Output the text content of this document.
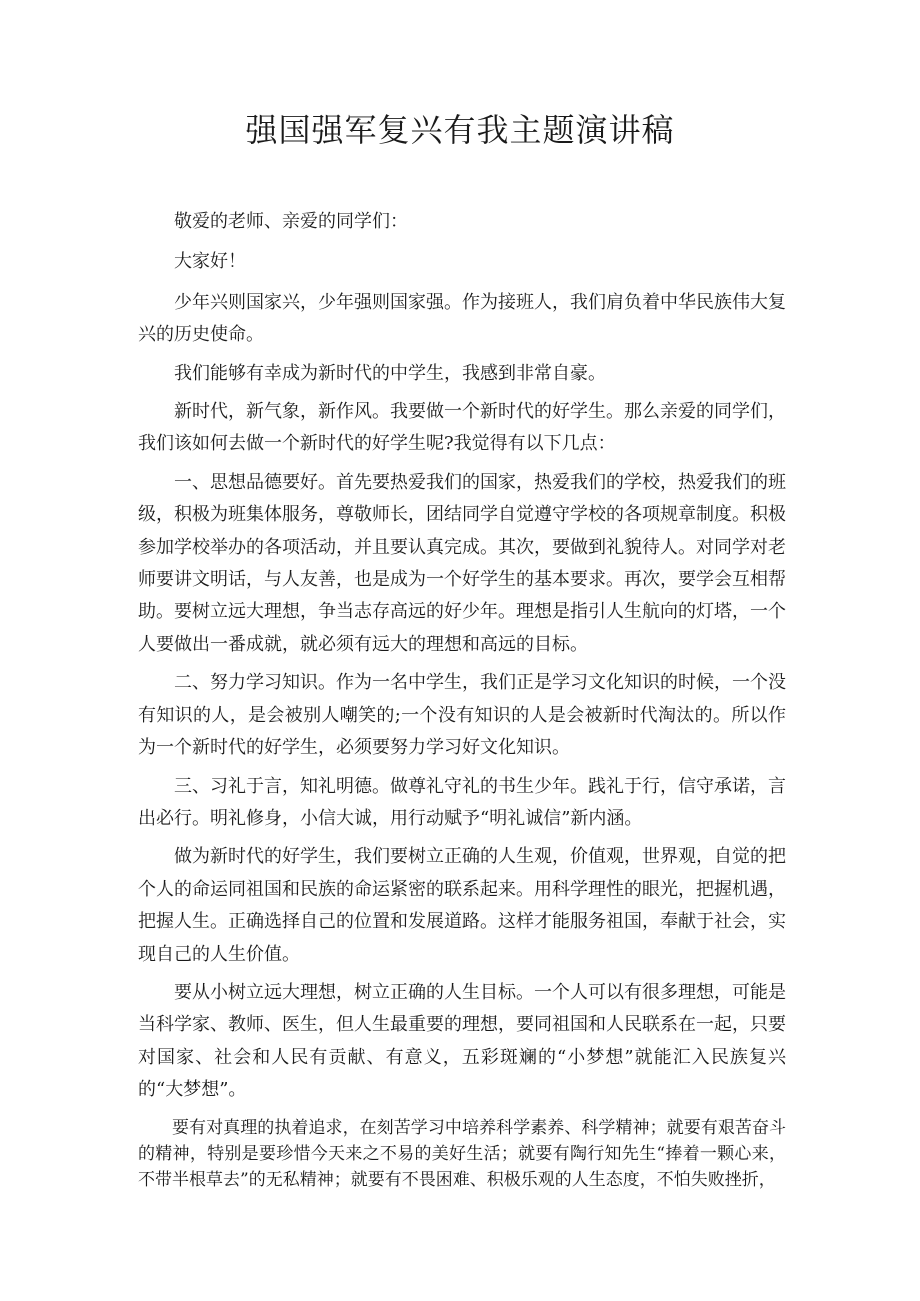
强国强军复兴有我主题演讲稿

敬爱的老师、亲爱的同学们：

大家好！

少年兴则国家兴，少年强则国家强。作为接班人，我们肩负着中华民族伟大复兴的历史使命。

我们能够有幸成为新时代的中学生，我感到非常自豪。

新时代，新气象，新作风。我要做一个新时代的好学生。那么亲爱的同学们，我们该如何去做一个新时代的好学生呢?我觉得有以下几点：

一、思想品德要好。首先要热爱我们的国家，热爱我们的学校，热爱我们的班级，积极为班集体服务，尊敬师长，团结同学自觉遵守学校的各项规章制度。积极参加学校举办的各项活动，并且要认真完成。其次，要做到礼貌待人。对同学对老师要讲文明话，与人友善，也是成为一个好学生的基本要求。再次，要学会互相帮助。要树立远大理想，争当志存高远的好少年。理想是指引人生航向的灯塔，一个人要做出一番成就，就必须有远大的理想和高远的目标。

二、努力学习知识。作为一名中学生，我们正是学习文化知识的时候，一个没有知识的人，是会被别人嘲笑的;一个没有知识的人是会被新时代淘汰的。所以作为一个新时代的好学生，必须要努力学习好文化知识。

三、习礼于言，知礼明德。做尊礼守礼的书生少年。践礼于行，信守承诺，言出必行。明礼修身，小信大诚，用行动赋予“明礼诚信”新内涵。

做为新时代的好学生，我们要树立正确的人生观，价值观，世界观，自觉的把个人的命运同祖国和民族的命运紧密的联系起来。用科学理性的眼光，把握机遇，把握人生。正确选择自己的位置和发展道路。这样才能服务祖国，奉献于社会，实现自己的人生价值。

要从小树立远大理想，树立正确的人生目标。一个人可以有很多理想，可能是当科学家、教师、医生，但人生最重要的理想，要同祖国和人民联系在一起，只要对国家、社会和人民有贡献、有意义，五彩斑斓的“小梦想”就能汇入民族复兴的“大梦想”。

要有对真理的执着追求，在刻苦学习中培养科学素养、科学精神；就要有艰苦奋斗的精神，特别是要珍惜今天来之不易的美好生活；就要有陶行知先生“捧着一颗心来，不带半根草去”的无私精神；就要有不畏困难、积极乐观的人生态度，不怕失败挫折，
